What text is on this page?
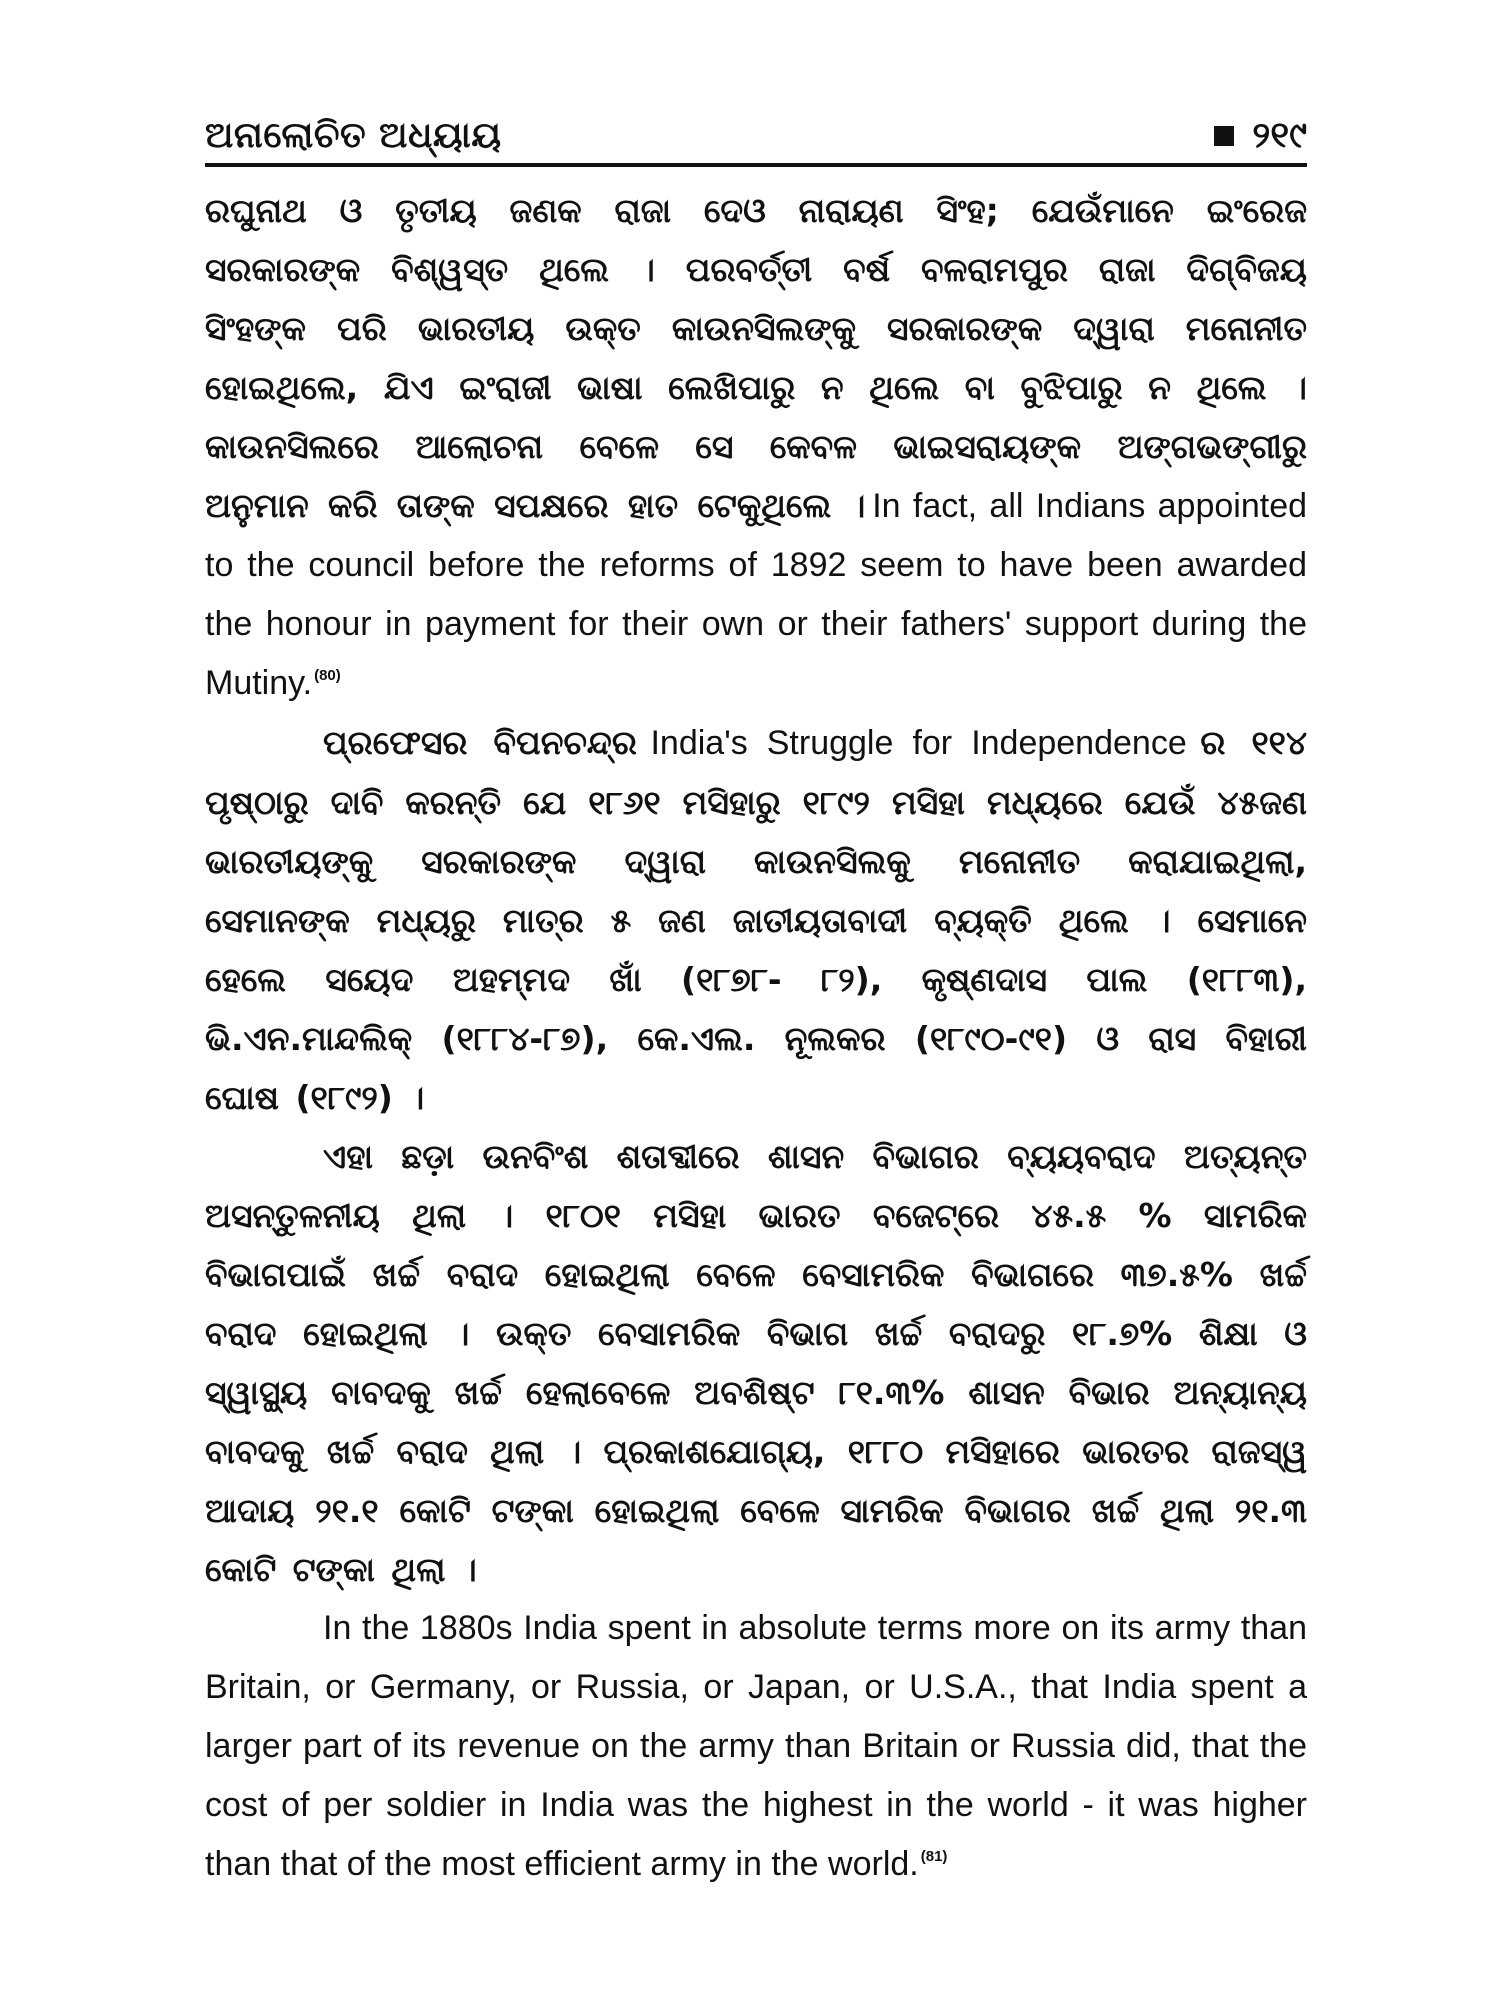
ଅନାଲୋଚିତ ଅଧ୍ୟାୟ	୨୧୯

ରଘୁନାଥ ଓ ତୃତୀୟ ଜଣକ ରାଜା ଦେଓ ନାରାୟଣ ସିଂହ; ଯେଉଁମାନେ ଇଂରେଜ ସରକାରଙ୍କ ବିଶ୍ୱସ୍ତ ଥିଲେ । ପରବର୍ତ୍ତୀ ବର୍ଷ ବଳରାମପୁର ରାଜା ଦିଗ୍‌ବିଜୟ ସିଂହଙ୍କ ପରି ଭାରତୀୟ ଉକ୍ତ କାଉନସିଲଙ୍କୁ ସରକାରଙ୍କ ଦ୍ୱାରା ମନୋନୀତ ହୋଇଥିଲେ, ଯିଏ ଇଂରାଜୀ ଭାଷା ଲେଖିପାରୁ ନ ଥିଲେ ବା ବୁଝିପାରୁ ନ ଥିଲେ । କାଉନସିଲରେ ଆଲୋଚନା ବେଳେ ସେ କେବଳ ଭାଇସରାୟଙ୍କ ଅଙ୍ଗଭଙ୍ଗୀରୁ ଅନୁମାନ କରି ତାଙ୍କ ସପକ୍ଷରେ ହାତ ଟେକୁଥିଲେ । In fact, all Indians appointed to the council before the reforms of 1892 seem to have been awarded the honour in payment for their own or their fathers' support during the Mutiny. $^{(80)}$

ପ୍ରଫେସର ବିପନଚନ୍ଦ୍ର India's Struggle for Independence ର ୧୧୪ ପୃଷ୍ଠାରୁ ଦାବି କରନ୍ତି ଯେ ୧୮୬୧ ମସିହାରୁ ୧୮୯୨ ମସିହା ମଧ୍ୟରେ ଯେଉଁ ୪୫ଜଣ ଭାରତୀୟଙ୍କୁ ସରକାରଙ୍କ ଦ୍ୱାରା କାଉନସିଲକୁ ମନୋନୀତ କରାଯାଇଥିଲା, ସେମାନଙ୍କ ମଧ୍ୟରୁ ମାତ୍ର ୫ ଜଣ ଜାତୀୟତାବାଦୀ ବ୍ୟକ୍ତି ଥିଲେ । ସେମାନେ ହେଲେ ସୟେଦ ଅହମ୍ମଦ ଖାଁ (୧୮୭୮- ୮୨), କୃଷ୍ଣଦାସ ପାଲ (୧୮୮୩), ଭି.ଏନ.ମାନ୍ଦଲିକ୍ (୧୮୮୪-୮୭), କେ.ଏଲ. ନୂଲକର (୧୮୯୦-୯୧) ଓ ରାସ ବିହାରୀ ଘୋଷ (୧୮୯୨) ।

ଏହା ଛଡ଼ା ଉନବିଂଶ ଶତାବ୍ଦୀରେ ଶାସନ ବିଭାଗର ବ୍ୟୟବରାଦ ଅତ୍ୟନ୍ତ ଅସନ୍ତୁଳନୀୟ ଥିଲା । ୧୮୦୧ ମସିହା ଭାରତ ବଜେଟ୍‌ରେ ୪୫.୫ % ସାମରିକ ବିଭାଗପାଇଁ ଖର୍ଚ୍ଚ ବରାଦ ହୋଇଥିଲା ବେଳେ ବେସାମରିକ ବିଭାଗରେ ୩୭.୫% ଖର୍ଚ୍ଚ ବରାଦ ହୋଇଥିଲା । ଉକ୍ତ ବେସାମରିକ ବିଭାଗ ଖର୍ଚ୍ଚ ବରାଦରୁ ୧୮.୭% ଶିକ୍ଷା ଓ ସ୍ୱାସ୍ଥ୍ୟ ବାବଦକୁ ଖର୍ଚ୍ଚ ହେଲାବେଳେ ଅବଶିଷ୍ଟ ୮୧.୩% ଶାସନ ବିଭାର ଅନ୍ୟାନ୍ୟ ବାବଦକୁ ଖର୍ଚ୍ଚ ବରାଦ ଥିଲା । ପ୍ରକାଶଯୋଗ୍ୟ, ୧୮୮୦ ମସିହାରେ ଭାରତର ରାଜସ୍ୱ ଆଦାୟ ୨୧.୧ କୋଟି ଟଙ୍କା ହୋଇଥିଲା ବେଳେ ସାମରିକ ବିଭାଗର ଖର୍ଚ୍ଚ ଥିଲା ୨୧.୩ କୋଟି ଟଙ୍କା ଥିଲା ।

In the 1880s India spent in absolute terms more on its army than Britain, or Germany, or Russia, or Japan, or U.S.A., that India spent a larger part of its revenue on the army than Britain or Russia did, that the cost of per soldier in India was the highest in the world - it was higher than that of the most efficient army in the world. $^{(81)}$
